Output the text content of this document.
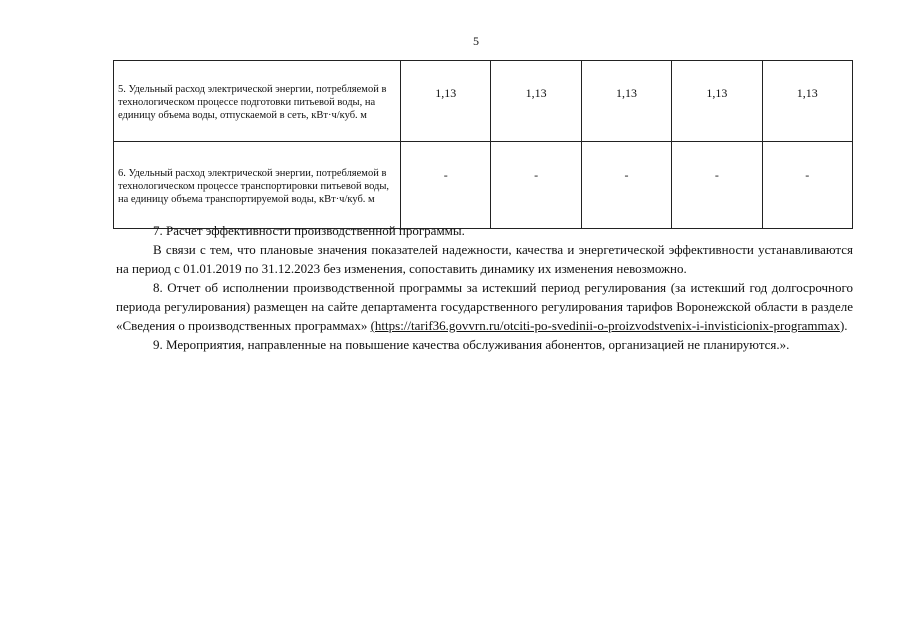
5
5. Удельный расход электрической энергии, потребляемой в технологическом процессе подготовки питьевой воды, на единицу объема воды, отпускаемой в сеть, кВт·ч/куб. м	1,13	1,13	1,13	1,13	1,13
6. Удельный расход электрической энергии, потребляемой в технологическом процессе транспортировки питьевой воды, на единицу объема транспортируемой воды, кВт·ч/куб. м	-	-	-	-	-

7. Расчет эффективности производственной программы.

В связи с тем, что плановые значения показателей надежности, качества и энергетической эффективности устанавливаются на период с 01.01.2019 по 31.12.2023 без изменения, сопоставить динамику их изменения невозможно.

8. Отчет об исполнении производственной программы за истекший период регулирования (за истекший год долгосрочного периода регулирования) размещен на сайте департамента государственного регулирования тарифов Воронежской области в разделе «Сведения о производственных программах» (https://tarif36.govvrn.ru/otciti-po-svedinii-o-proizvodstvenix-i-invisticionix-programmax).

9. Мероприятия, направленные на повышение качества обслуживания абонентов, организацией не планируются.».
